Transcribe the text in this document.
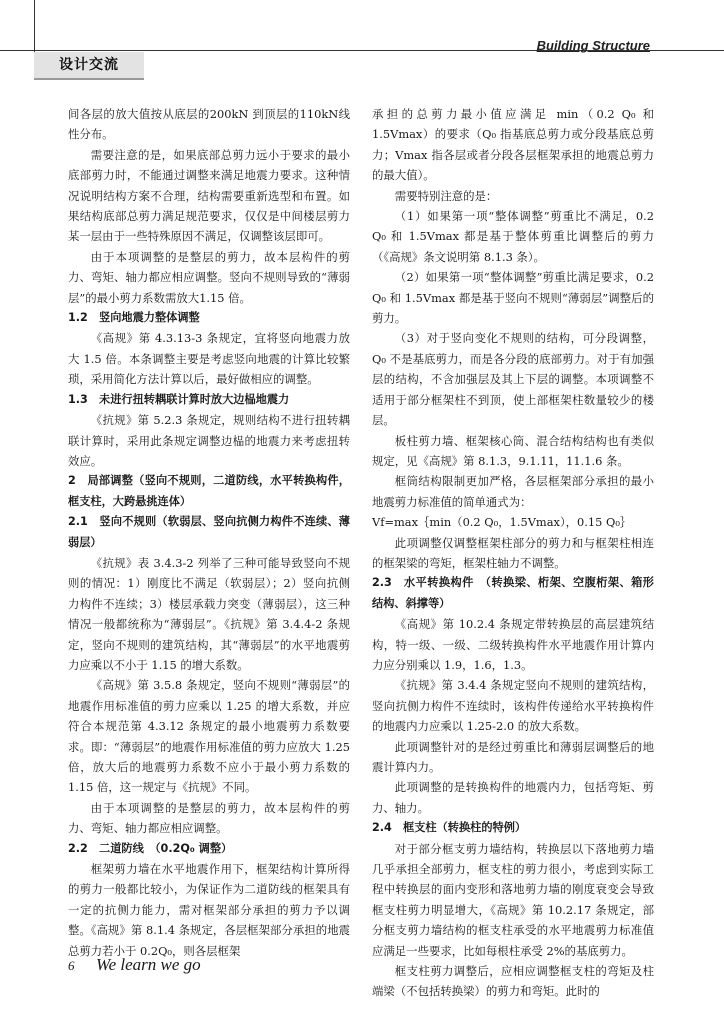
设计交流
Building Structure

间各层的放大值按从底层的200kN 到顶层的110kN线性分布。

需要注意的是，如果底部总剪力远小于要求的最小底部剪力时，不能通过调整来满足地震力要求。这种情况说明结构方案不合理，结构需要重新选型和布置。如果结构底部总剪力满足规范要求，仅仅是中间楼层剪力某一层由于一些特殊原因不满足，仅调整该层即可。

由于本项调整的是整层的剪力，故本层构件的剪力、弯矩、轴力都应相应调整。竖向不规则导致的“薄弱层”的最小剪力系数需放大1.15 倍。

1.2　竖向地震力整体调整

《高规》第 4.3.13-3 条规定，宜将竖向地震力放大 1.5 倍。本条调整主要是考虑竖向地震的计算比较繁琐，采用简化方法计算以后，最好做相应的调整。

1.3　未进行扭转耦联计算时放大边榀地震力

《抗规》第 5.2.3 条规定，规则结构不进行扭转耦联计算时，采用此条规定调整边榀的地震力来考虑扭转效应。

2　局部调整（竖向不规则，二道防线，水平转换构件，框支柱，大跨悬挑连体）

2.1　竖向不规则（软弱层、竖向抗侧力构件不连续、薄弱层）

《抗规》表 3.4.3-2 列举了三种可能导致竖向不规则的情况：1）刚度比不满足（软弱层）；2）竖向抗侧力构件不连续；3）楼层承载力突变（薄弱层），这三种情况一般都统称为“薄弱层”。《抗规》第 3.4.4-2 条规定，竖向不规则的建筑结构，其“薄弱层”的水平地震剪力应乘以不小于 1.15 的增大系数。

《高规》第 3.5.8 条规定，竖向不规则“薄弱层”的地震作用标准值的剪力应乘以 1.25 的增大系数，并应符合本规范第 4.3.12 条规定的最小地震剪力系数要求。即：“薄弱层”的地震作用标准值的剪力应放大 1.25 倍，放大后的地震剪力系数不应小于最小剪力系数的 1.15 倍，这一规定与《抗规》不同。

由于本项调整的是整层的剪力，故本层构件的剪力、弯矩、轴力都应相应调整。

2.2　二道防线　（0.2Q₀ 调整）

框架剪力墙在水平地震作用下，框架结构计算所得的剪力一般都比较小，为保证作为二道防线的框架具有一定的抗侧力能力，需对框架部分承担的剪力予以调整。《高规》第 8.1.4 条规定，各层框架部分承担的地震总剪力若小于 0.2Q₀，则各层框架

承担的总剪力最小值应满足 min（0.2 Q₀ 和 1.5Vmax）的要求（Q₀ 指基底总剪力或分段基底总剪力；Vmax 指各层或者分段各层框架承担的地震总剪力的最大值）。

需要特别注意的是：

（1）如果第一项“整体调整”剪重比不满足，0.2 Q₀ 和 1.5Vmax 都是基于整体剪重比调整后的剪力（《高规》条文说明第 8.1.3 条）。

（2）如果第一项“整体调整”剪重比满足要求，0.2 Q₀ 和 1.5Vmax 都是基于竖向不规则“薄弱层”调整后的剪力。

（3）对于竖向变化不规则的结构，可分段调整，Q₀ 不是基底剪力，而是各分段的底部剪力。对于有加强层的结构，不含加强层及其上下层的调整。本项调整不适用于部分框架柱不到顶，使上部框架柱数量较少的楼层。

板柱剪力墙、框架核心筒、混合结构结构也有类似规定，见《高规》第 8.1.3，9.1.11，11.1.6 条。

框筒结构限制更加严格，各层框架部分承担的最小地震剪力标准值的简单通式为：

Vf=max｛min（0.2 Q₀，1.5Vmax），0.15 Q₀｝

此项调整仅调整框架柱部分的剪力和与框架柱相连的框架梁的弯矩，框架柱轴力不调整。

2.3　水平转换构件　（转换梁、桁架、空腹桁架、箱形结构、斜撑等）

《高规》第 10.2.4 条规定带转换层的高层建筑结构，特一级、一级、二级转换构件水平地震作用计算内力应分别乘以 1.9，1.6，1.3。

《抗规》第 3.4.4 条规定竖向不规则的建筑结构，竖向抗侧力构件不连续时，该构件传递给水平转换构件的地震内力应乘以 1.25-2.0 的放大系数。

此项调整针对的是经过剪重比和薄弱层调整后的地震计算内力。

此项调整的是转换构件的地震内力，包括弯矩、剪力、轴力。

2.4　框支柱（转换柱的特例）

对于部分框支剪力墙结构，转换层以下落地剪力墙几乎承担全部剪力，框支柱的剪力很小，考虑到实际工程中转换层的面内变形和落地剪力墙的刚度衰变会导致框支柱剪力明显增大，《高规》第 10.2.17 条规定，部分框支剪力墙结构的框支柱承受的水平地震剪力标准值应满足一些要求，比如每根柱承受 2%的基底剪力。

框支柱剪力调整后，应相应调整框支柱的弯矩及柱端梁（不包括转换梁）的剪力和弯矩。此时的

6 We learn we go
